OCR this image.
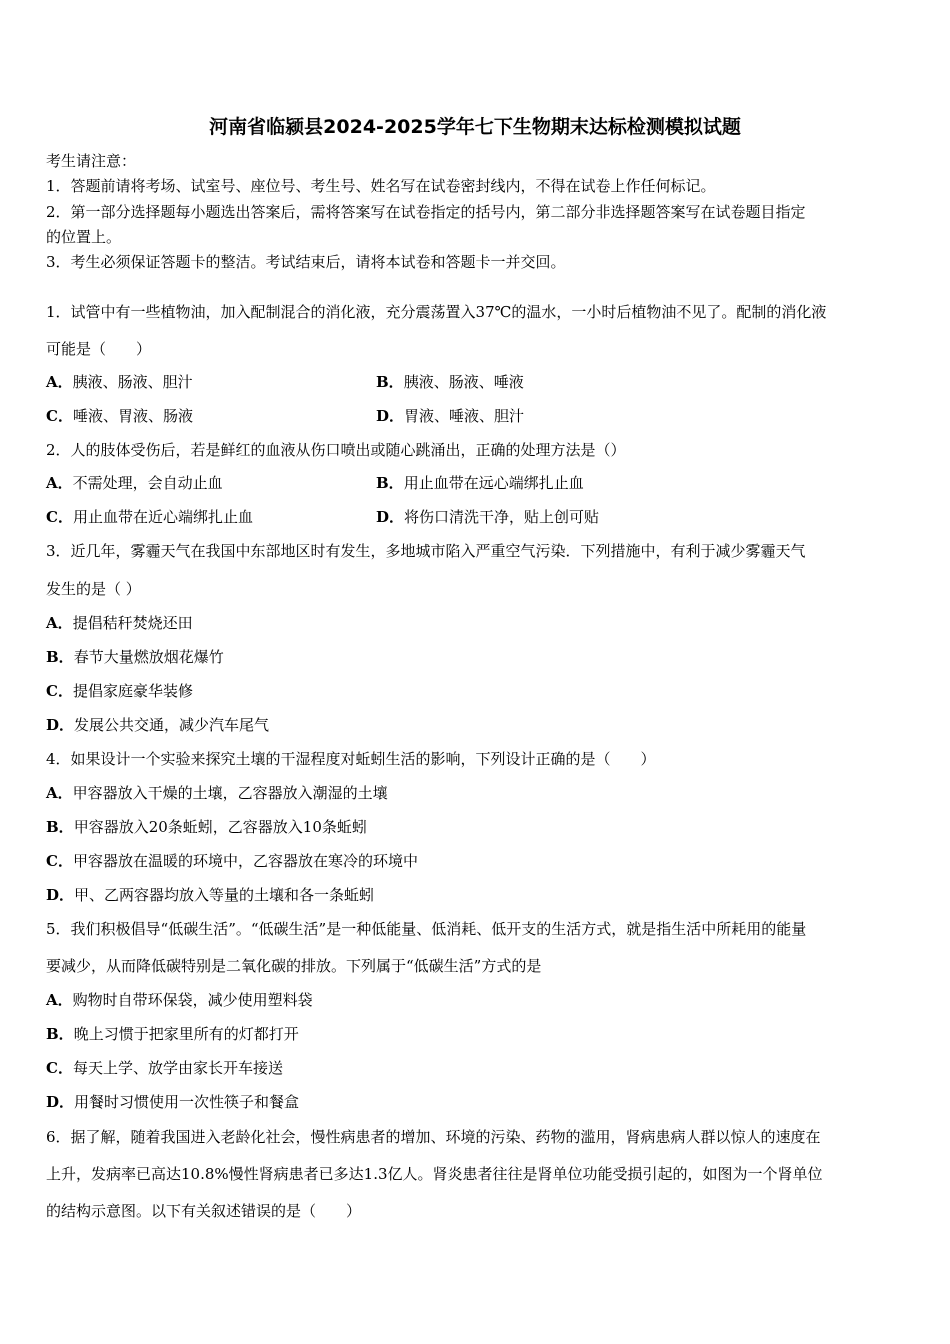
河南省临颍县2024-2025学年七下生物期末达标检测模拟试题
考生请注意：
1．答题前请将考场、试室号、座位号、考生号、姓名写在试卷密封线内，不得在试卷上作任何标记。
2．第一部分选择题每小题选出答案后，需将答案写在试卷指定的括号内，第二部分非选择题答案写在试卷题目指定
的位置上。
3．考生必须保证答题卡的整洁。考试结束后，请将本试卷和答题卡一并交回。
1．试管中有一些植物油，加入配制混合的消化液，充分震荡置入37℃的温水，一小时后植物油不见了。配制的消化液
可能是（　　）
A．胰液、肠液、胆汁	B．胰液、肠液、唾液
C．唾液、胃液、肠液	D．胃液、唾液、胆汁
2．人的肢体受伤后，若是鲜红的血液从伤口喷出或随心跳涌出，正确的处理方法是（）
A．不需处理，会自动止血	B．用止血带在远心端绑扎止血
C．用止血带在近心端绑扎止血	D．将伤口清洗干净，贴上创可贴
3．近几年，雾霾天气在我国中东部地区时有发生，多地城市陷入严重空气污染．下列措施中，有利于减少雾霾天气
发生的是（ ）
A．提倡秸秆焚烧还田
B．春节大量燃放烟花爆竹
C．提倡家庭豪华装修
D．发展公共交通，减少汽车尾气
4．如果设计一个实验来探究土壤的干湿程度对蚯蚓生活的影响，下列设计正确的是（　　）
A．甲容器放入干燥的土壤，乙容器放入潮湿的土壤
B．甲容器放入20条蚯蚓，乙容器放入10条蚯蚓
C．甲容器放在温暖的环境中，乙容器放在寒冷的环境中
D．甲、乙两容器均放入等量的土壤和各一条蚯蚓
5．我们积极倡导“低碳生活”。“低碳生活”是一种低能量、低消耗、低开支的生活方式，就是指生活中所耗用的能量
要减少，从而降低碳特别是二氧化碳的排放。下列属于“低碳生活”方式的是
A．购物时自带环保袋，减少使用塑料袋
B．晚上习惯于把家里所有的灯都打开
C．每天上学、放学由家长开车接送
D．用餐时习惯使用一次性筷子和餐盒
6．据了解，随着我国进入老龄化社会，慢性病患者的增加、环境的污染、药物的滥用，肾病患病人群以惊人的速度在
上升，发病率已高达10.8%慢性肾病患者已多达1.3亿人。肾炎患者往往是肾单位功能受损引起的，如图为一个肾单位
的结构示意图。以下有关叙述错误的是（　　）
